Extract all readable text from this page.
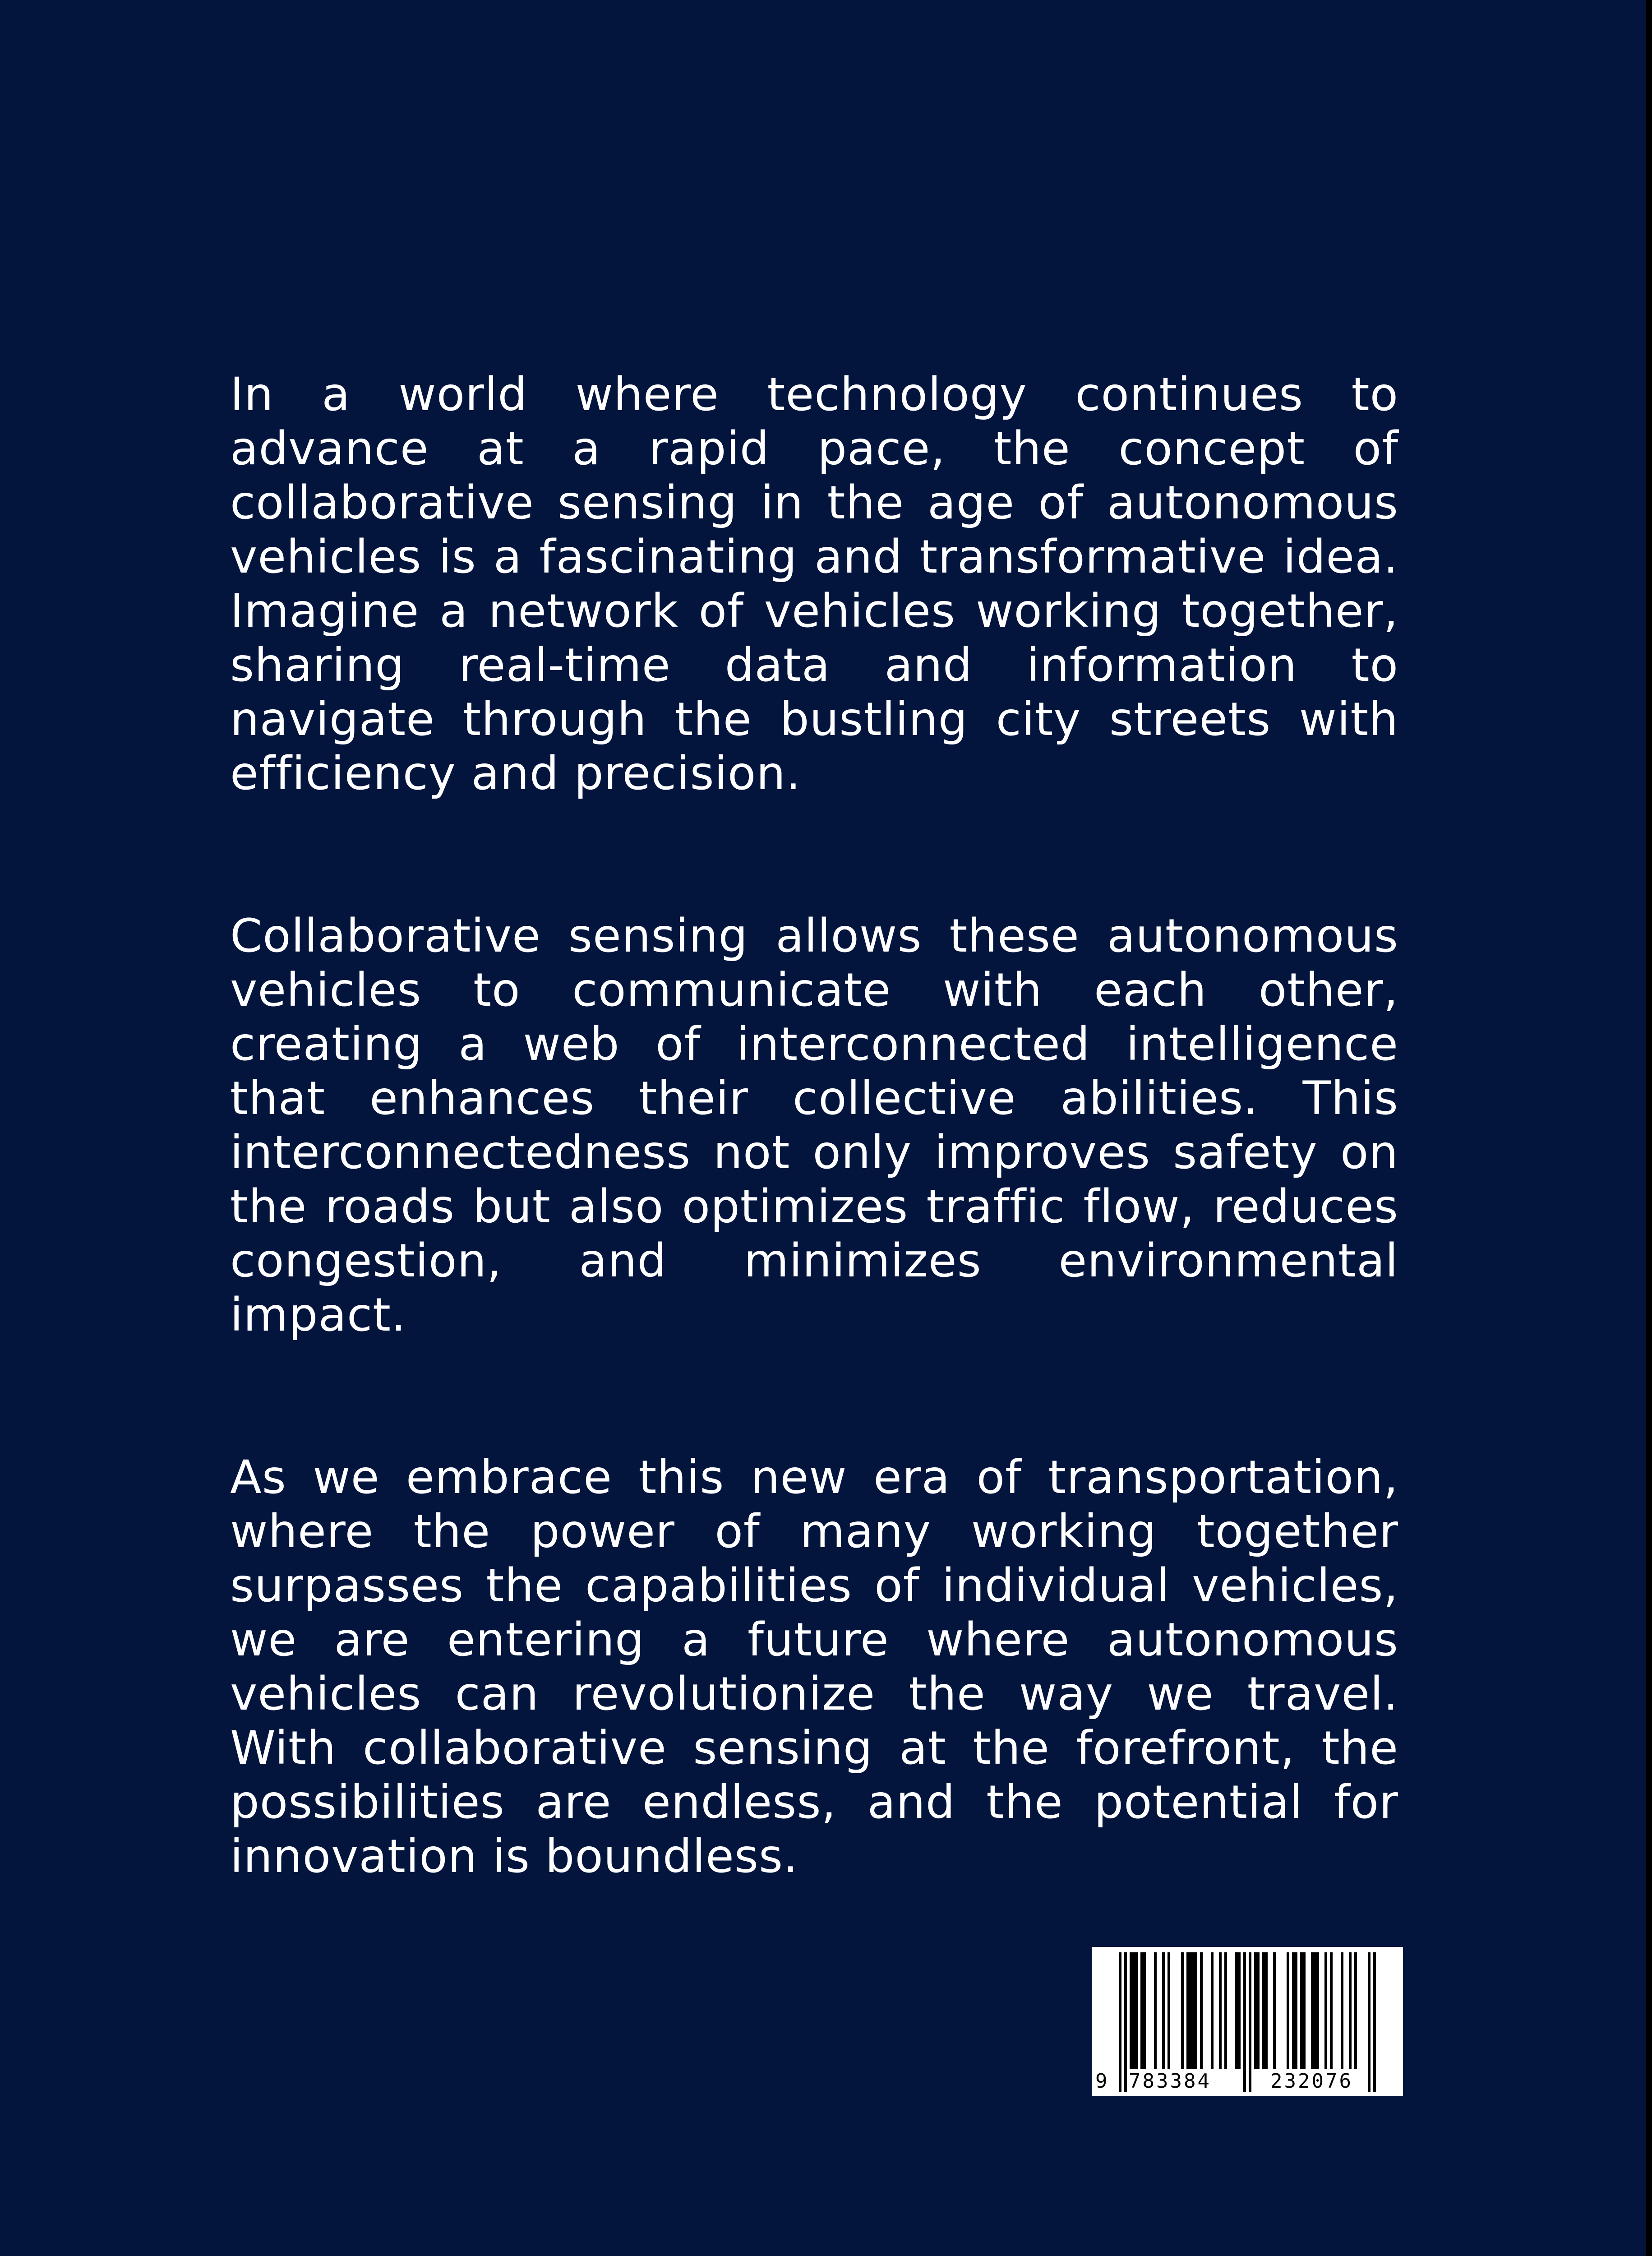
In a world where technology continues to advance at a rapid pace, the concept of collaborative sensing in the age of autonomous vehicles is a fascinating and transformative idea. Imagine a network of vehicles working together, sharing real-time data and information to navigate through the bustling city streets with efficiency and precision.

Collaborative sensing allows these autonomous vehicles to communicate with each other, creating a web of interconnected intelligence that enhances their collective abilities. This interconnectedness not only improves safety on the roads but also optimizes traffic flow, reduces congestion, and minimizes environmental impact.

As we embrace this new era of transportation, where the power of many working together surpasses the capabilities of individual vehicles, we are entering a future where autonomous vehicles can revolutionize the way we travel. With collaborative sensing at the forefront, the possibilities are endless, and the potential for innovation is boundless.

9 783384	232076
